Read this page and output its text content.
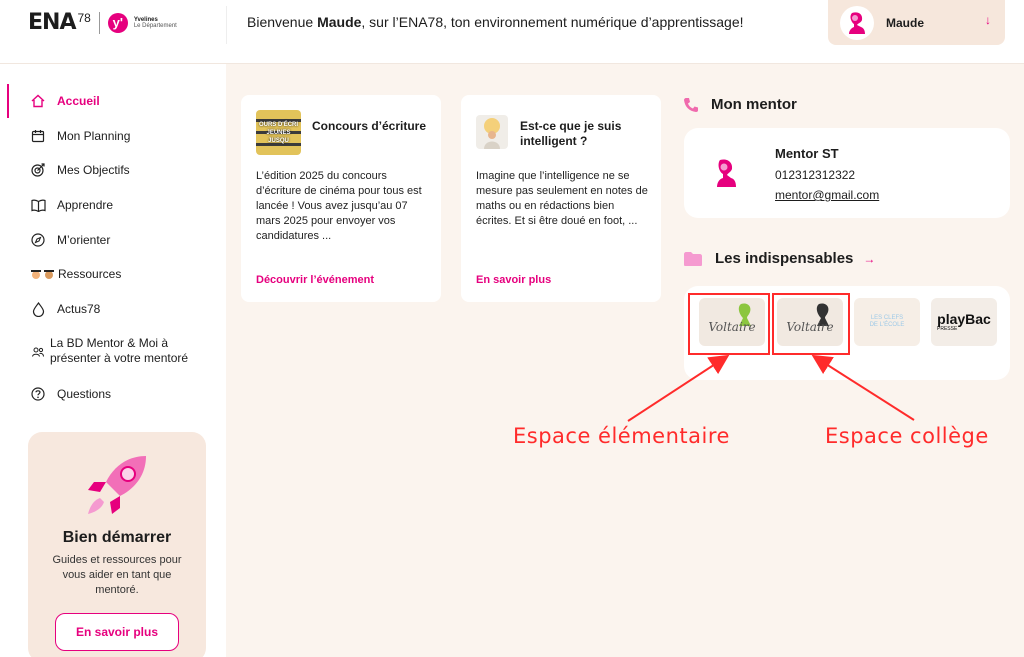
ENA 78	y'	Yvelines
Le Département	Bienvenue Maude, sur l’ENA78, ton environnement numérique d’apprentissage!	Maude	↓
Accueil
Mon Planning
Mes Objectifs
Apprendre
M’orienter
Ressources
Actus78
La BD Mentor & Moi à présenter à votre mentoré
Questions
Bien démarrer
Guides et ressources pour vous aider en tant que mentoré.
En savoir plus
OURS D'ÉCRI JEUNES JUSQU
Concours d’écriture
L’édition 2025 du concours d’écriture de cinéma pour tous est lancée ! Vous avez jusqu’au 07 mars 2025 pour envoyer vos candidatures ...
Découvrir l’événement
Est-ce que je suis intelligent ?
Imagine que l’intelligence ne se mesure pas seulement en notes de maths ou en rédactions bien écrites. Et si être doué en foot, ...
En savoir plus
Mon mentor
Mentor ST
012312312322
mentor@gmail.com
Les indispensables →
Voltaire	Voltaire
LES CLEFS DE L'ÉCOLE playBac
PRESSE
Espace élémentaire	Espace collège
